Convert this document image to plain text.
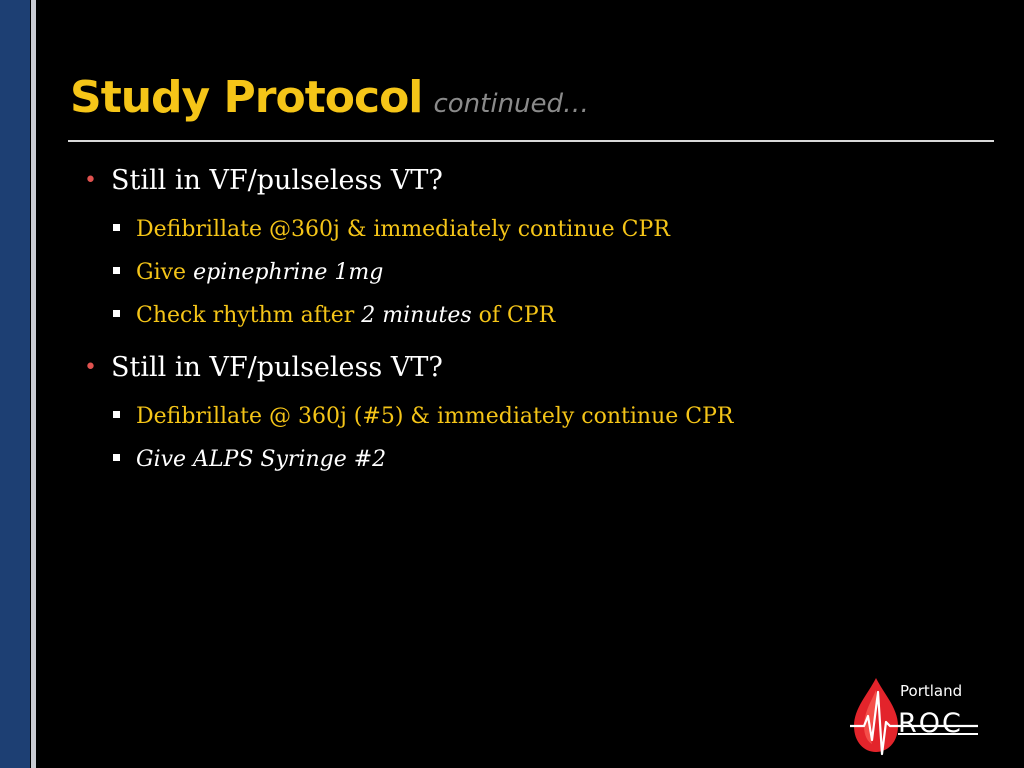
Study Protocol continued…
• Still in VF/pulseless VT?
Defibrillate @360j & immediately continue CPR
Give epinephrine 1mg
Check rhythm after 2 minutes of CPR
• Still in VF/pulseless VT?
Defibrillate @ 360j (#5) & immediately continue CPR
Give ALPS Syringe #2
Portland
ROC
